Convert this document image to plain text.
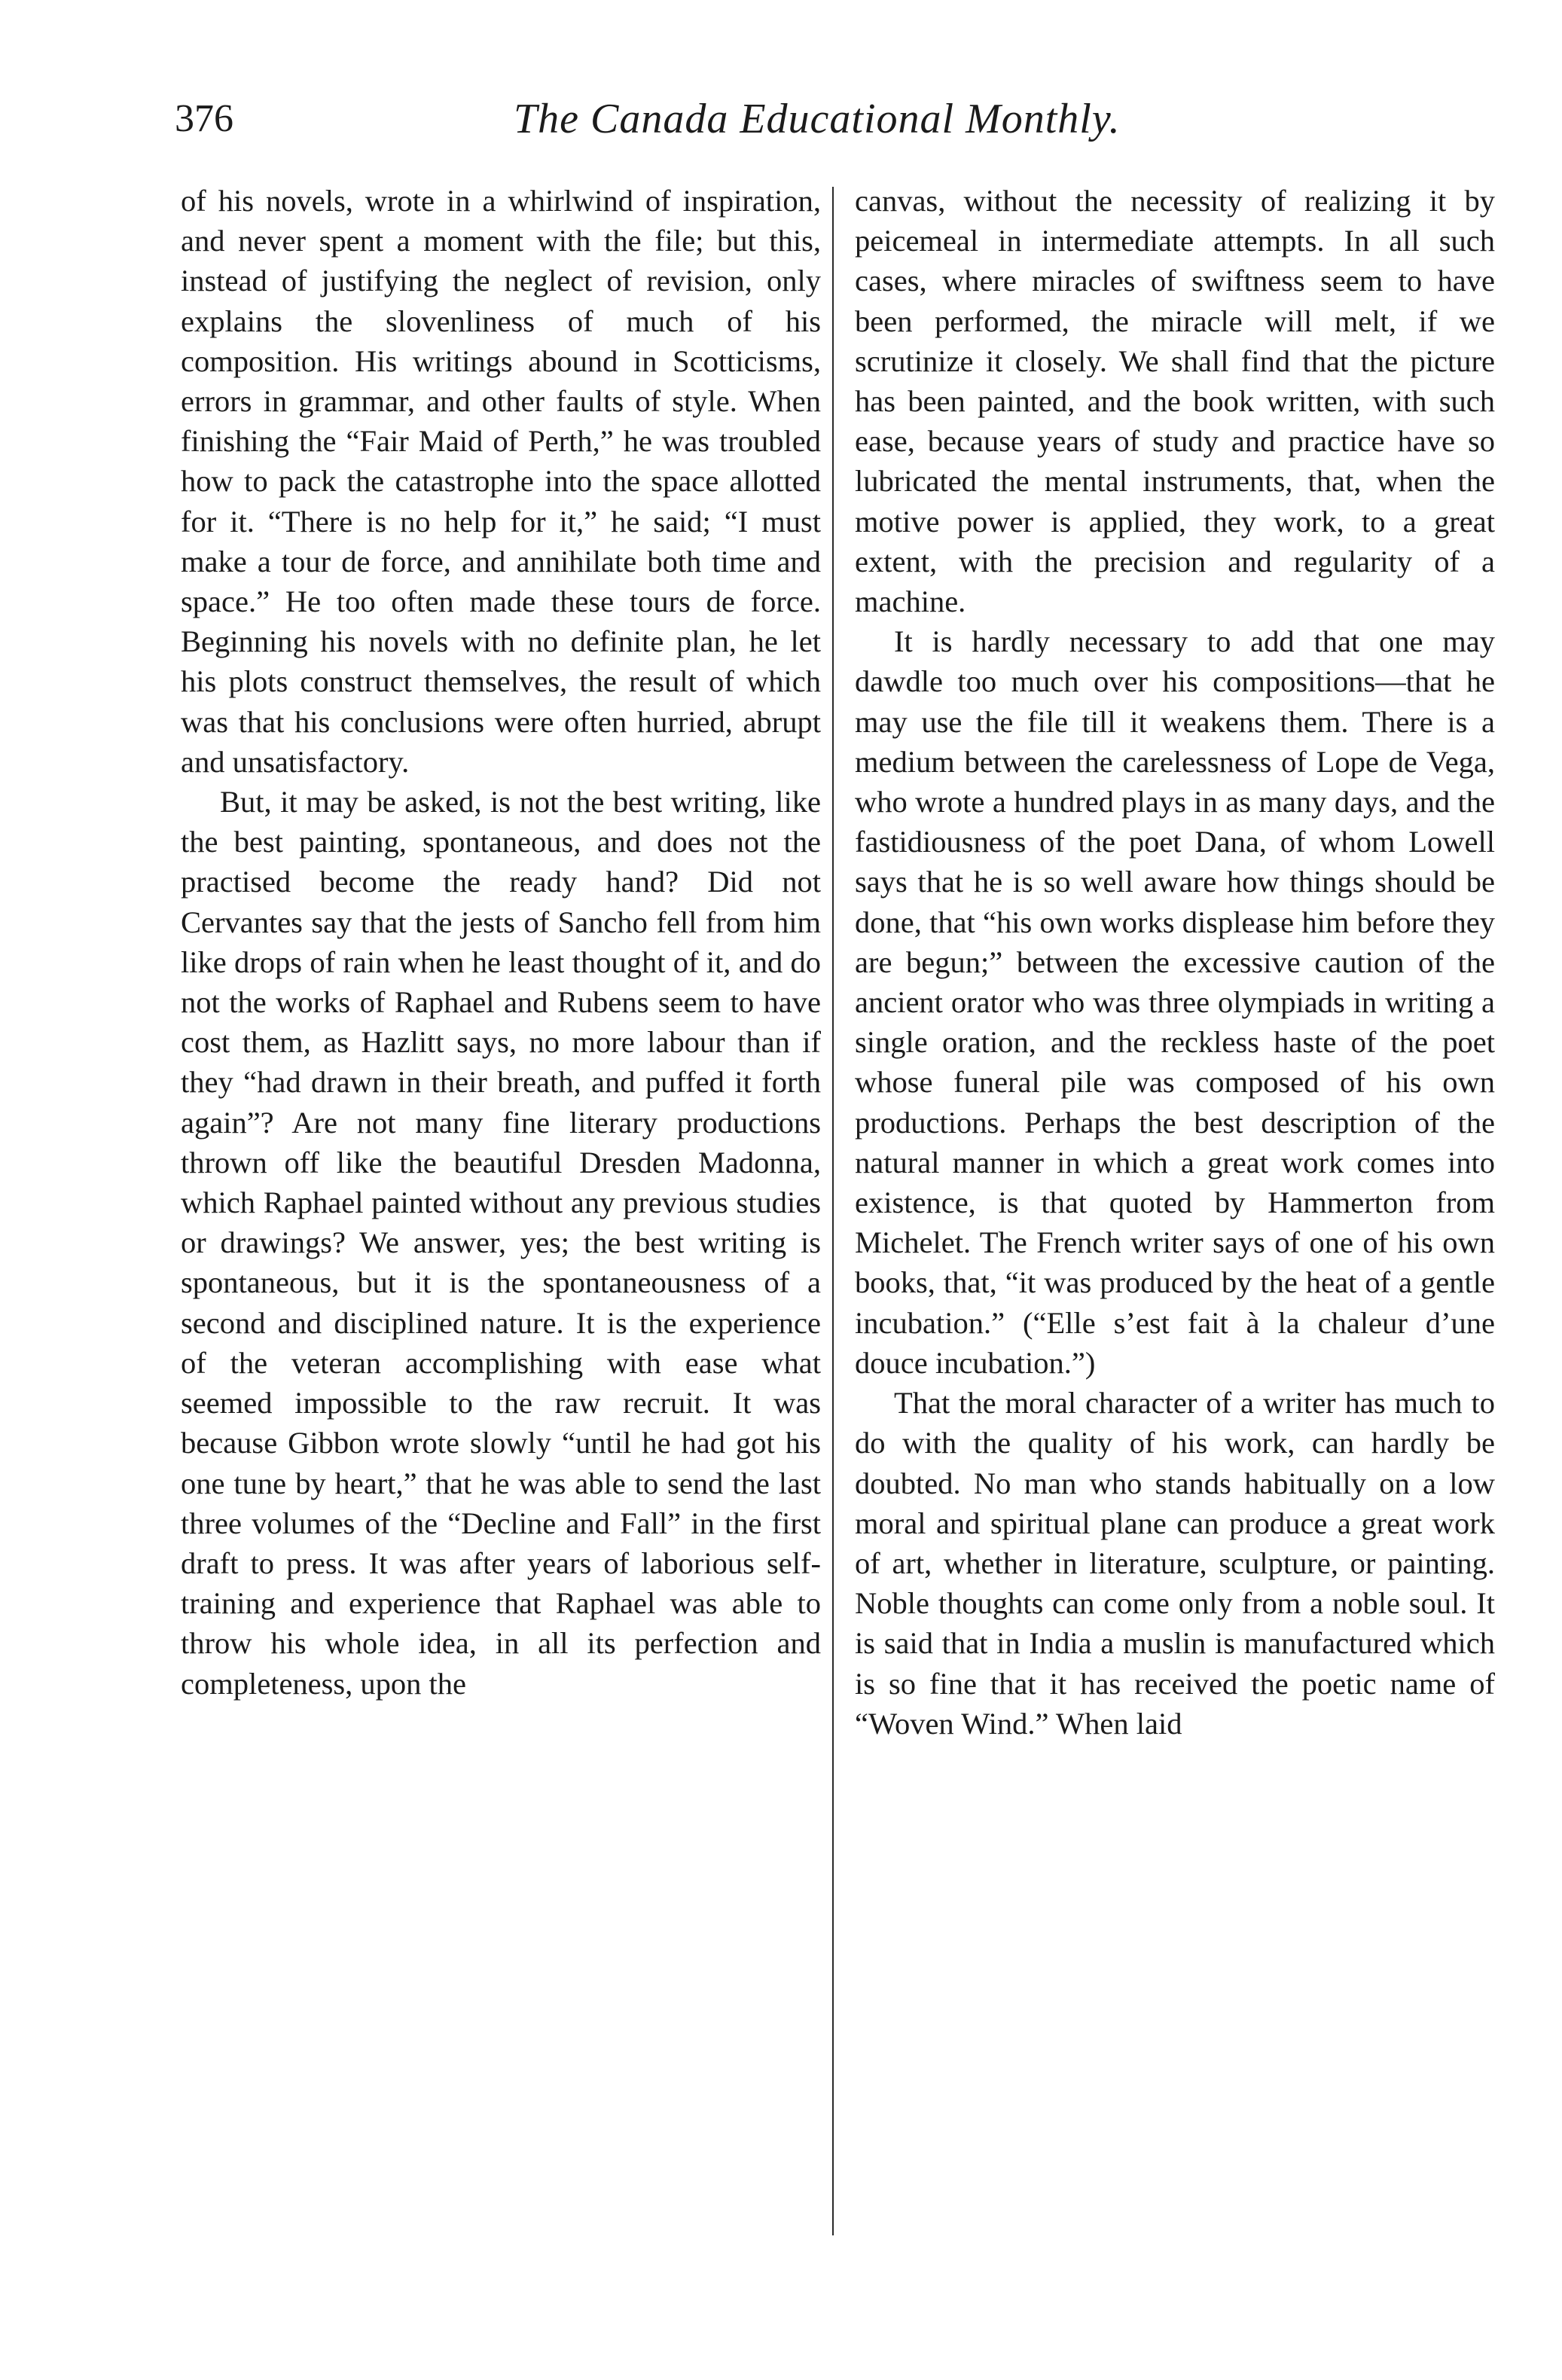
376	The Canada Educational Monthly.

of his novels, wrote in a whirlwind of inspiration, and never spent a moment with the file; but this, instead of justifying the neglect of revision, only explains the slovenliness of much of his composition. His writings abound in Scotticisms, errors in grammar, and other faults of style. When finishing the “Fair Maid of Perth,” he was troubled how to pack the catastrophe into the space allotted for it. “There is no help for it,” he said; “I must make a tour de force, and annihilate both time and space.” He too often made these tours de force. Beginning his novels with no definite plan, he let his plots construct themselves, the result of which was that his conclusions were often hurried, abrupt and unsatisfactory.

But, it may be asked, is not the best writing, like the best painting, spontaneous, and does not the practised become the ready hand? Did not Cervantes say that the jests of Sancho fell from him like drops of rain when he least thought of it, and do not the works of Raphael and Rubens seem to have cost them, as Hazlitt says, no more labour than if they “had drawn in their breath, and puffed it forth again”? Are not many fine literary productions thrown off like the beautiful Dresden Madonna, which Raphael painted without any previous studies or drawings? We answer, yes; the best writing is spontaneous, but it is the spontaneousness of a second and disciplined nature. It is the experience of the veteran accomplishing with ease what seemed impossible to the raw recruit. It was because Gibbon wrote slowly “until he had got his one tune by heart,” that he was able to send the last three volumes of the “Decline and Fall” in the first draft to press. It was after years of laborious self-training and experience that Raphael was able to throw his whole idea, in all its perfection and completeness, upon the

canvas, without the necessity of realizing it by peicemeal in intermediate attempts. In all such cases, where miracles of swiftness seem to have been performed, the miracle will melt, if we scrutinize it closely. We shall find that the picture has been painted, and the book written, with such ease, because years of study and practice have so lubricated the mental instruments, that, when the motive power is applied, they work, to a great extent, with the precision and regularity of a machine.

It is hardly necessary to add that one may dawdle too much over his compositions—that he may use the file till it weakens them. There is a medium between the carelessness of Lope de Vega, who wrote a hundred plays in as many days, and the fastidiousness of the poet Dana, of whom Lowell says that he is so well aware how things should be done, that “his own works displease him before they are begun;” between the excessive caution of the ancient orator who was three olympiads in writing a single oration, and the reckless haste of the poet whose funeral pile was composed of his own productions. Perhaps the best description of the natural manner in which a great work comes into existence, is that quoted by Hammerton from Michelet. The French writer says of one of his own books, that, “it was produced by the heat of a gentle incubation.” (“Elle s’est fait à la chaleur d’une douce incubation.”)

That the moral character of a writer has much to do with the quality of his work, can hardly be doubted. No man who stands habitually on a low moral and spiritual plane can produce a great work of art, whether in literature, sculpture, or painting. Noble thoughts can come only from a noble soul. It is said that in India a muslin is manufactured which is so fine that it has received the poetic name of “Woven Wind.” When laid
